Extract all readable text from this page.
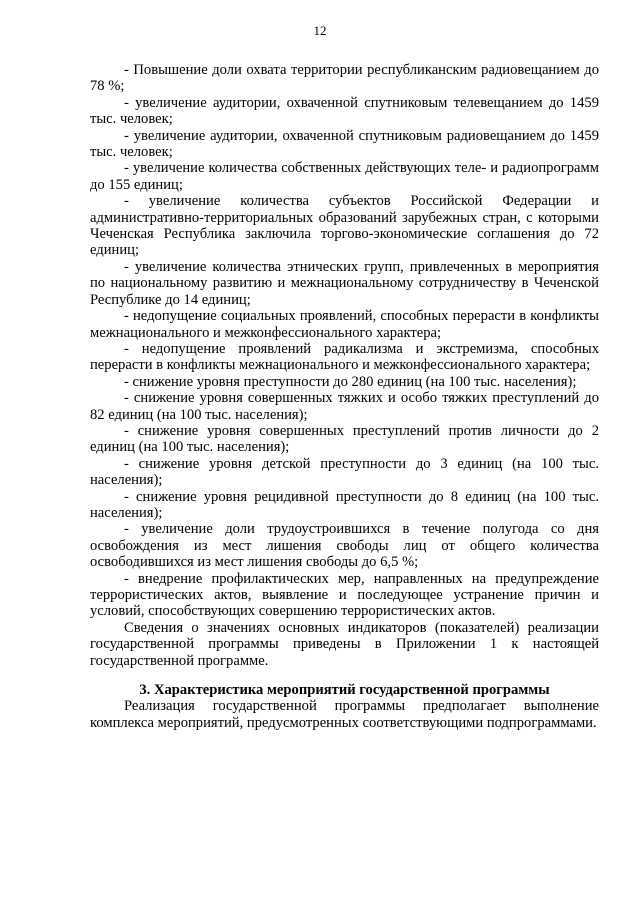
12

- Повышение доли охвата территории республиканским радиовещанием до 78 %;

- увеличение аудитории, охваченной спутниковым телевещанием до 1459 тыс. человек;

- увеличение аудитории, охваченной спутниковым радиовещанием до 1459 тыс. человек;

- увеличение количества собственных действующих теле- и радиопрограмм до 155 единиц;

- увеличение количества субъектов Российской Федерации и административно-территориальных образований зарубежных стран, с которыми Чеченская Республика заключила торгово-экономические соглашения до 72 единиц;

- увеличение количества этнических групп, привлеченных в мероприятия по национальному развитию и межнациональному сотрудничеству в Чеченской Республике до 14 единиц;

- недопущение социальных проявлений, способных перерасти в конфликты межнационального и межконфессионального характера;

- недопущение проявлений радикализма и экстремизма, способных перерасти в конфликты межнационального и межконфессионального характера;

- снижение уровня преступности до 280 единиц (на 100 тыс. населения);

- снижение уровня совершенных тяжких и особо тяжких преступлений до 82 единиц (на 100 тыс. населения);

- снижение уровня совершенных преступлений против личности до 2 единиц (на 100 тыс. населения);

- снижение уровня детской преступности до 3 единиц (на 100 тыс. населения);

- снижение уровня рецидивной преступности до 8 единиц (на 100 тыс. населения);

- увеличение доли трудоустроившихся в течение полугода со дня освобождения из мест лишения свободы лиц от общего количества освободившихся из мест лишения свободы до 6,5 %;

- внедрение профилактических мер, направленных на предупреждение террористических актов, выявление и последующее устранение причин и условий, способствующих совершению террористических актов.

Сведения о значениях основных индикаторов (показателей) реализации государственной программы приведены в Приложении 1 к настоящей государственной программе.

3. Характеристика мероприятий государственной программы

Реализация государственной программы предполагает выполнение комплекса мероприятий, предусмотренных соответствующими подпрограммами.
